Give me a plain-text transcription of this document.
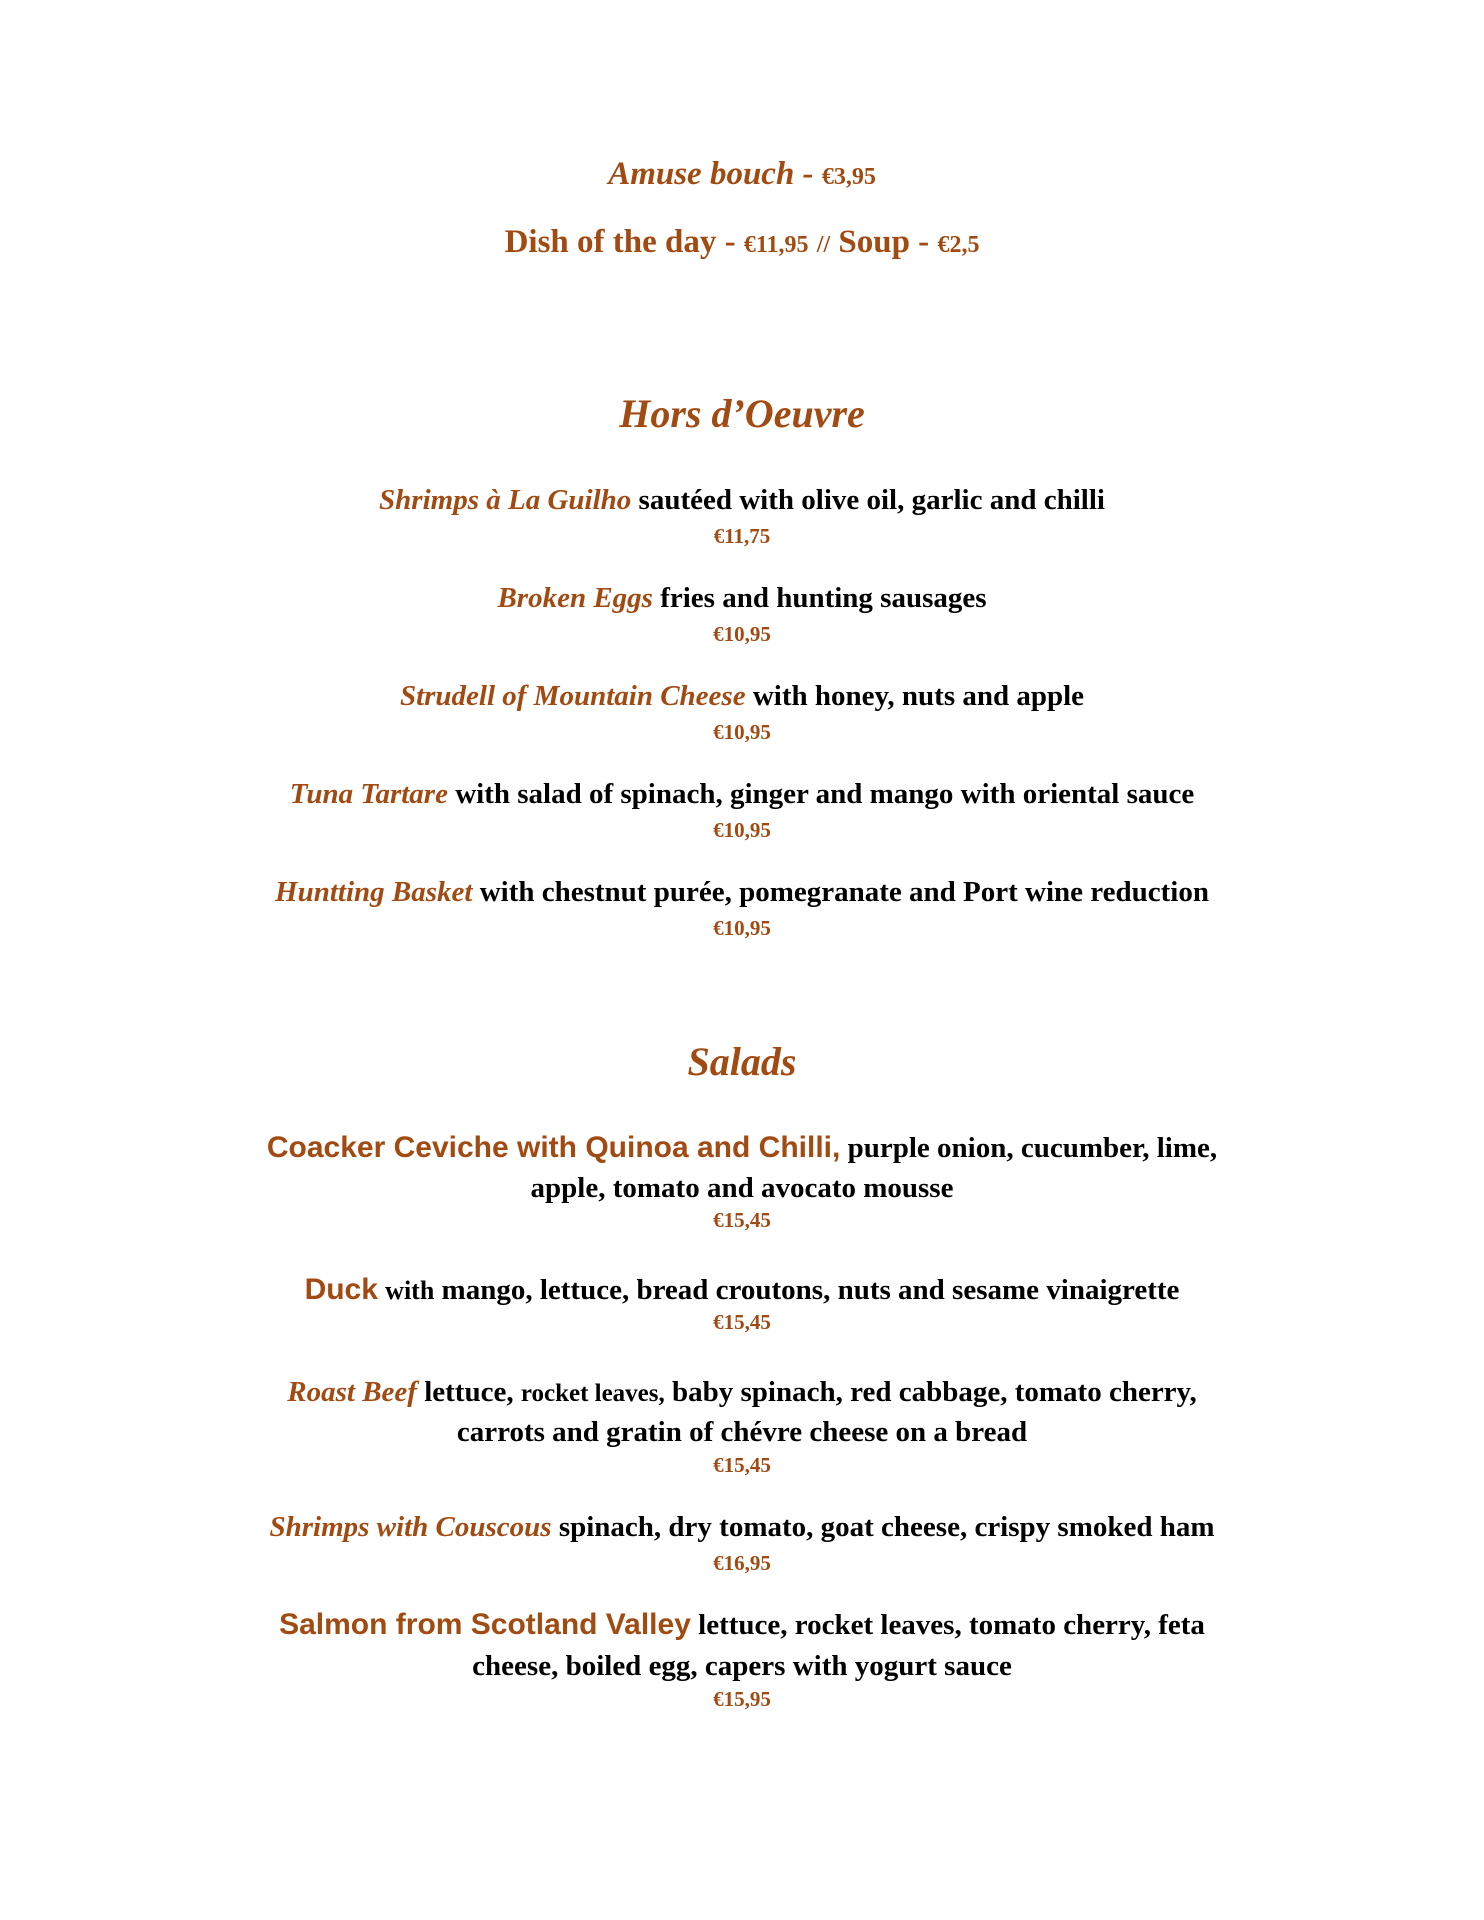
Amuse bouch - €3,95
Dish of the day - €11,95 // Soup - €2,5
Hors d’Oeuvre
Shrimps à La Guilho sautéed with olive oil, garlic and chilli
€11,75
Broken Eggs fries and hunting sausages
€10,95
Strudell of Mountain Cheese with honey, nuts and apple
€10,95
Tuna Tartare with salad of spinach, ginger and mango with oriental sauce
€10,95
Huntting Basket with chestnut purée, pomegranate and Port wine reduction
€10,95
Salads
Coacker Ceviche with Quinoa and Chilli, purple onion, cucumber, lime,
apple, tomato and avocato mousse
€15,45
Duck with mango, lettuce, bread croutons, nuts and sesame vinaigrette
€15,45
Roast Beef lettuce, rocket leaves, baby spinach, red cabbage, tomato cherry,
carrots and gratin of chévre cheese on a bread
€15,45
Shrimps with Couscous spinach, dry tomato, goat cheese, crispy smoked ham
€16,95
Salmon from Scotland Valley lettuce, rocket leaves, tomato cherry, feta
cheese, boiled egg, capers with yogurt sauce
€15,95
